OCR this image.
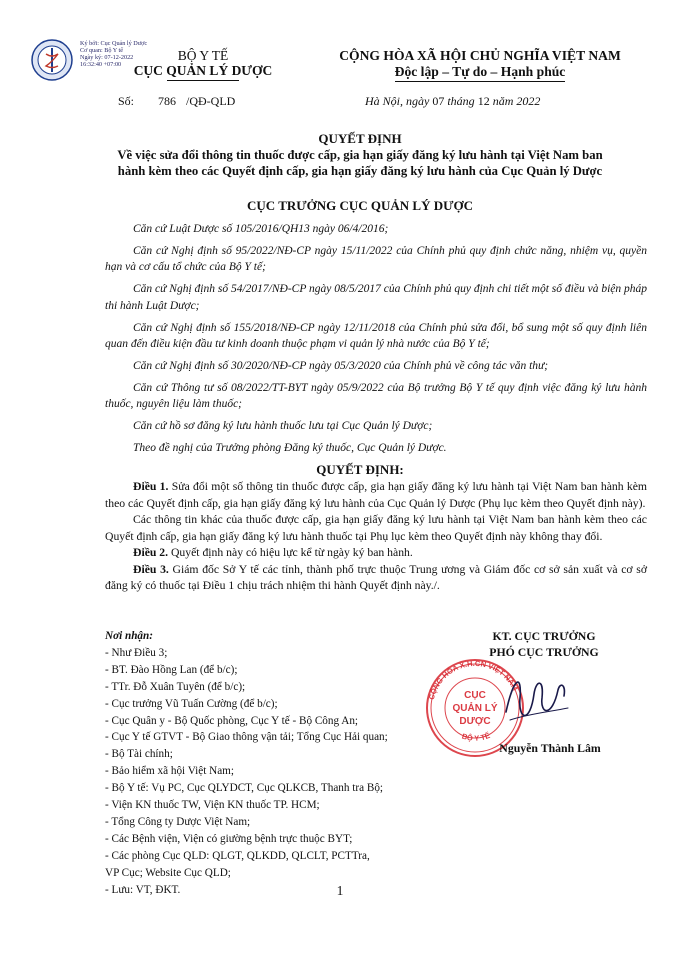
Ký bởi: Cục Quản lý Dược
Cơ quan: Bộ Y tế
Ngày ký: 07-12-2022 16:32:40 +07:00
BỘ Y TẾ
CỤC QUẢN LÝ DƯỢC
CỘNG HÒA XÃ HỘI CHỦ NGHĨA VIỆT NAM
Độc lập – Tự do – Hạnh phúc
Số: 786 /QĐ-QLD	Hà Nội, ngày 07 tháng 12 năm 2022
QUYẾT ĐỊNH
Về việc sửa đổi thông tin thuốc được cấp, gia hạn giấy đăng ký lưu hành tại Việt Nam ban
hành kèm theo các Quyết định cấp, gia hạn giấy đăng ký lưu hành của Cục Quản lý Dược
CỤC TRƯỞNG CỤC QUẢN LÝ DƯỢC

Căn cứ Luật Dược số 105/2016/QH13 ngày 06/4/2016;

Căn cứ Nghị định số 95/2022/NĐ-CP ngày 15/11/2022 của Chính phủ quy định chức năng, nhiệm vụ, quyền hạn và cơ cấu tổ chức của Bộ Y tế;

Căn cứ Nghị định số 54/2017/NĐ-CP ngày 08/5/2017 của Chính phủ quy định chi tiết một số điều và biện pháp thi hành Luật Dược;

Căn cứ Nghị định số 155/2018/NĐ-CP ngày 12/11/2018 của Chính phủ sửa đổi, bổ sung một số quy định liên quan đến điều kiện đầu tư kinh doanh thuộc phạm vi quản lý nhà nước của Bộ Y tế;

Căn cứ Nghị định số 30/2020/NĐ-CP ngày 05/3/2020 của Chính phủ về công tác văn thư;

Căn cứ Thông tư số 08/2022/TT-BYT ngày 05/9/2022 của Bộ trưởng Bộ Y tế quy định việc đăng ký lưu hành thuốc, nguyên liệu làm thuốc;

Căn cứ hồ sơ đăng ký lưu hành thuốc lưu tại Cục Quản lý Dược;

Theo đề nghị của Trưởng phòng Đăng ký thuốc, Cục Quản lý Dược.

QUYẾT ĐỊNH:

Điều 1. Sửa đổi một số thông tin thuốc được cấp, gia hạn giấy đăng ký lưu hành tại Việt Nam ban hành kèm theo các Quyết định cấp, gia hạn giấy đăng ký lưu hành của Cục Quản lý Dược (Phụ lục kèm theo Quyết định này).

Các thông tin khác của thuốc được cấp, gia hạn giấy đăng ký lưu hành tại Việt Nam ban hành kèm theo các Quyết định cấp, gia hạn giấy đăng ký lưu hành thuốc tại Phụ lục kèm theo Quyết định này không thay đổi.

Điều 2. Quyết định này có hiệu lực kể từ ngày ký ban hành.

Điều 3. Giám đốc Sở Y tế các tỉnh, thành phố trực thuộc Trung ương và Giám đốc cơ sở sản xuất và cơ sở đăng ký có thuốc tại Điều 1 chịu trách nhiệm thi hành Quyết định này./.

Nơi nhận:
- Như Điều 3;
- BT. Đào Hồng Lan (để b/c);
- TTr. Đỗ Xuân Tuyên (để b/c);
- Cục trưởng Vũ Tuấn Cường (để b/c);
- Cục Quân y - Bộ Quốc phòng, Cục Y tế - Bộ Công An;
- Cục Y tế GTVT - Bộ Giao thông vận tải; Tổng Cục Hải quan;
- Bộ Tài chính;
- Bảo hiểm xã hội Việt Nam;
- Bộ Y tế: Vụ PC, Cục QLYDCT, Cục QLKCB, Thanh tra Bộ;
- Viện KN thuốc TW, Viện KN thuốc TP. HCM;
- Tổng Công ty Dược Việt Nam;
- Các Bệnh viện, Viện có giường bệnh trực thuộc BYT;
- Các phòng Cục QLD: QLGT, QLKDD, QLCLT, PCTTra,
VP Cục; Website Cục QLD;
- Lưu: VT, ĐKT.
KT. CỤC TRƯỞNG
PHÓ CỤC TRƯỞNG
CỘNG HÒA X.H.CN VIỆT NAM
BỘ Y TẾ
CỤC
QUẢN LÝ
DƯỢC
Nguyễn Thành Lâm
1
